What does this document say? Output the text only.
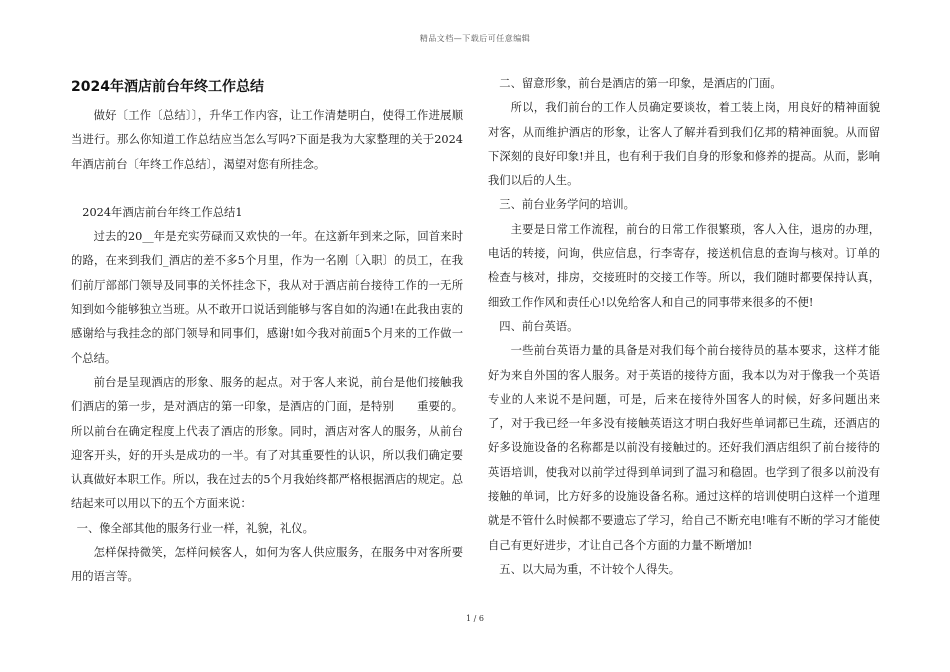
精品文档—下载后可任意编辑
2024年酒店前台年终工作总结

做好〔工作〔总结〕〕，升华工作内容，让工作清楚明白，使得工作进展顺当进行。那么你知道工作总结应当怎么写吗?下面是我为大家整理的关于2024年酒店前台〔年终工作总结〕，渴望对您有所挂念。

2024年酒店前台年终工作总结1

过去的20__年是充实劳碌而又欢快的一年。在这新年到来之际，回首来时的路，在来到我们_酒店的差不多5个月里，作为一名刚〔入职〕的员工，在我们前厅部部门领导及同事的关怀挂念下，我从对于酒店前台接待工作的一无所知到如今能够独立当班。从不敢开口说话到能够与客自如的沟通!在此我由衷的感谢给与我挂念的部门领导和同事们，感谢!如今我对前面5个月来的工作做一个总结。

前台是呈现酒店的形象、服务的起点。对于客人来说，前台是他们接触我们酒店的第一步，是对酒店的第一印象，是酒店的门面，是特别　　重要的。所以前台在确定程度上代表了酒店的形象。同时，酒店对客人的服务，从前台迎客开头，好的开头是成功的一半。有了对其重要性的认识，所以我们确定要认真做好本职工作。所以，我在过去的5个月我始终都严格根据酒店的规定。总结起来可以用以下的五个方面来说：

一、像全部其他的服务行业一样，礼貌，礼仪。

怎样保持微笑，怎样问候客人，如何为客人供应服务，在服务中对客所要用的语言等。

二、留意形象，前台是酒店的第一印象，是酒店的门面。

所以，我们前台的工作人员确定要谈妆，着工装上岗，用良好的精神面貌对客，从而维护酒店的形象，让客人了解并看到我们亿邦的精神面貌。从而留下深刻的良好印象!并且，也有利于我们自身的形象和修养的提高。从而，影响我们以后的人生。

三、前台业务学问的培训。

主要是日常工作流程，前台的日常工作很繁琐，客人入住，退房的办理，电话的转接，问询，供应信息，行李寄存，接送机信息的查询与核对。订单的检查与核对，排房，交接班时的交接工作等。所以，我们随时都要保持认真，细致工作作风和责任心!以免给客人和自己的同事带来很多的不便!

四、前台英语。

一些前台英语力量的具备是对我们每个前台接待员的基本要求，这样才能好为来自外国的客人服务。对于英语的接待方面，我本以为对于像我一个英语专业的人来说不是问题，可是，后来在接待外国客人的时候，好多问题出来了，对于我已经一年多没有接触英语这才明白我好些单词都已生疏，还酒店的好多设施设备的名称都是以前没有接触过的。还好我们酒店组织了前台接待的英语培训，使我对以前学过得到单词到了温习和稳固。也学到了很多以前没有接触的单词，比方好多的设施设备名称。通过这样的培训使明白这样一个道理就是不管什么时候都不要遗忘了学习，给自己不断充电!唯有不断的学习才能使自己有更好进步，才让自己各个方面的力量不断增加!

五、以大局为重，不计较个人得失。

1 / 6
